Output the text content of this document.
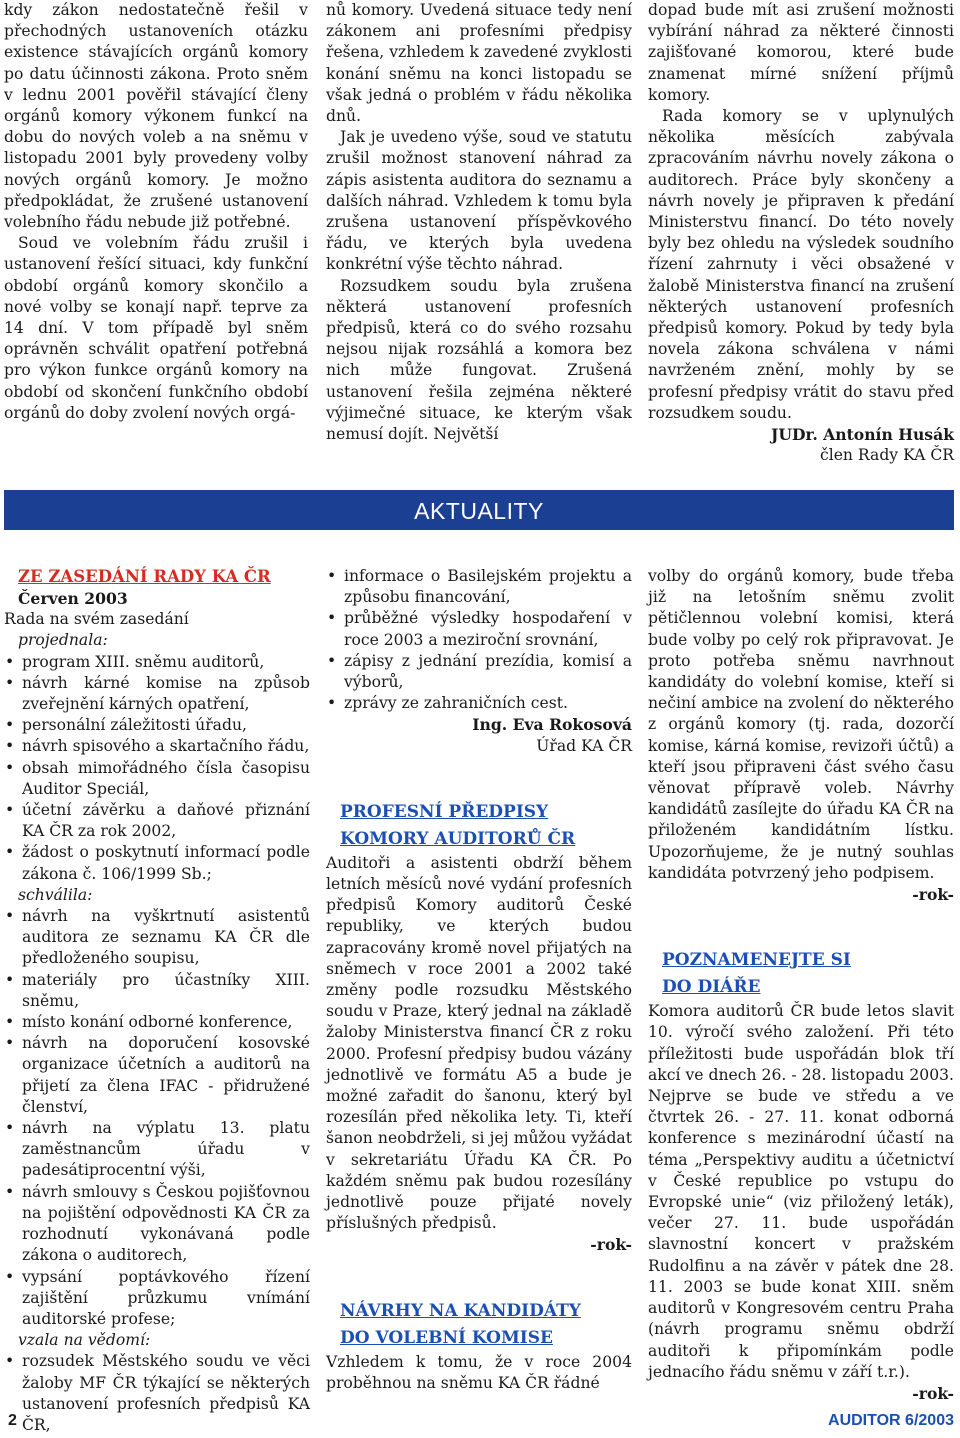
kdy zákon nedostatečně řešil v přechodných ustanoveních otázku existence stávajících orgánů komory po datu účinnosti zákona. Proto sněm v lednu 2001 pověřil stávající členy orgánů komory výkonem funkcí na dobu do nových voleb a na sněmu v listopadu 2001 byly provedeny volby nových orgánů komory. Je možno předpokládat, že zrušené ustanovení volebního řádu nebude již potřebné.

Soud ve volebním řádu zrušil i ustanovení řešící situaci, kdy funkční období orgánů komory skončilo a nové volby se konají např. teprve za 14 dní. V tom případě byl sněm oprávněn schválit opatření potřebná pro výkon funkce orgánů komory na období od skončení funkčního období orgánů do doby zvolení nových orgá-

nů komory. Uvedená situace tedy není zákonem ani profesními předpisy řešena, vzhledem k zavedené zvyklosti konání sněmu na konci listopadu se však jedná o problém v řádu několika dnů.

Jak je uvedeno výše, soud ve statutu zrušil možnost stanovení náhrad za zápis asistenta auditora do seznamu a dalších náhrad. Vzhledem k tomu byla zrušena ustanovení příspěvkového řádu, ve kterých byla uvedena konkrétní výše těchto náhrad.

Rozsudkem soudu byla zrušena některá ustanovení profesních předpisů, která co do svého rozsahu nejsou nijak rozsáhlá a komora bez nich může fungovat. Zrušená ustanovení řešila zejména některé výjimečné situace, ke kterým však nemusí dojít. Největší

dopad bude mít asi zrušení možnosti vybírání náhrad za některé činnosti zajišťované komorou, které bude znamenat mírné snížení příjmů komory.

Rada komory se v uplynulých několika měsících zabývala zpracováním návrhu novely zákona o auditorech. Práce byly skončeny a návrh novely je připraven k předání Ministerstvu financí. Do této novely byly bez ohledu na výsledek soudního řízení zahrnuty i věci obsažené v žalobě Ministerstva financí na zrušení některých ustanovení profesních předpisů komory. Pokud by tedy byla novela zákona schválena v námi navrženém znění, mohly by se profesní předpisy vrátit do stavu před rozsudkem soudu.

JUDr. Antonín Husák

člen Rady KA ČR

AKTUALITY

ZE ZASEDÁNÍ RADY KA ČR

Červen 2003

Rada na svém zasedání

projednala:

• program XIII. sněmu auditorů,
• návrh kárné komise na způsob zveřejnění kárných opatření,
• personální záležitosti úřadu,
• návrh spisového a skartačního řádu,
• obsah mimořádného čísla časopisu Auditor Speciál,
• účetní závěrku a daňové přiznání KA ČR za rok 2002,
• žádost o poskytnutí informací podle zákona č. 106/1999 Sb.;

schválila:

• návrh na vyškrtnutí asistentů auditora ze seznamu KA ČR dle předloženého soupisu,
• materiály pro účastníky XIII. sněmu,
• místo konání odborné konference,
• návrh na doporučení kosovské organizace účetních a auditorů na přijetí za člena IFAC - přidružené členství,
• návrh na výplatu 13. platu zaměstnancům úřadu v padesátiprocentní výši,
• návrh smlouvy s Českou pojišťovnou na pojištění odpovědnosti KA ČR za rozhodnutí vykonávaná podle zákona o auditorech,
• vypsání poptávkového řízení zajištění průzkumu vnímání auditorské profese;

vzala na vědomí:

• rozsudek Městského soudu ve věci žaloby MF ČR týkající se některých ustanovení profesních předpisů KA ČR,
• informace o Basilejském projektu a způsobu financování,
• průběžné výsledky hospodaření v roce 2003 a meziroční srovnání,
• zápisy z jednání prezídia, komisí a výborů,
• zprávy ze zahraničních cest.

Ing. Eva Rokosová

Úřad KA ČR

PROFESNÍ PŘEDPISY

KOMORY AUDITORŮ ČR

Auditoři a asistenti obdrží během letních měsíců nové vydání profesních předpisů Komory auditorů České republiky, ve kterých budou zapracovány kromě novel přijatých na sněmech v roce 2001 a 2002 také změny podle rozsudku Městského soudu v Praze, který jednal na základě žaloby Ministerstva financí ČR z roku 2000. Profesní předpisy budou vázány jednotlivě ve formátu A5 a bude je možné zařadit do šanonu, který byl rozesílán před několika lety. Ti, kteří šanon neobdrželi, si jej můžou vyžádat v sekretariátu Úřadu KA ČR. Po každém sněmu pak budou rozesílány jednotlivě pouze přijaté novely příslušných předpisů.

-rok-

NÁVRHY NA KANDIDÁTY

DO VOLEBNÍ KOMISE

Vzhledem k tomu, že v roce 2004 proběhnou na sněmu KA ČR řádné

volby do orgánů komory, bude třeba již na letošním sněmu zvolit pětičlennou volební komisi, která bude volby po celý rok připravovat. Je proto potřeba sněmu navrhnout kandidáty do volební komise, kteří si nečiní ambice na zvolení do některého z orgánů komory (tj. rada, dozorčí komise, kárná komise, revizoři účtů) a kteří jsou připraveni část svého času věnovat přípravě voleb. Návrhy kandidátů zasílejte do úřadu KA ČR na přiloženém kandidátním lístku. Upozorňujeme, že je nutný souhlas kandidáta potvrzený jeho podpisem.

-rok-

POZNAMENEJTE SI

DO DIÁŘE

Komora auditorů ČR bude letos slavit 10. výročí svého založení. Při této příležitosti bude uspořádán blok tří akcí ve dnech 26. - 28. listopadu 2003. Nejprve se bude ve středu a ve čtvrtek 26. - 27. 11. konat odborná konference s mezinárodní účastí na téma „Perspektivy auditu a účetnictví v České republice po vstupu do Evropské unie“ (viz přiložený leták), večer 27. 11. bude uspořádán slavnostní koncert v pražském Rudolfinu a na závěr v pátek dne 28. 11. 2003 se bude konat XIII. sněm auditorů v Kongresovém centru Praha (návrh programu sněmu obdrží auditoři k připomínkám podle jednacího řádu sněmu v září t.r.).

-rok-

2	AUDITOR 6/2003
